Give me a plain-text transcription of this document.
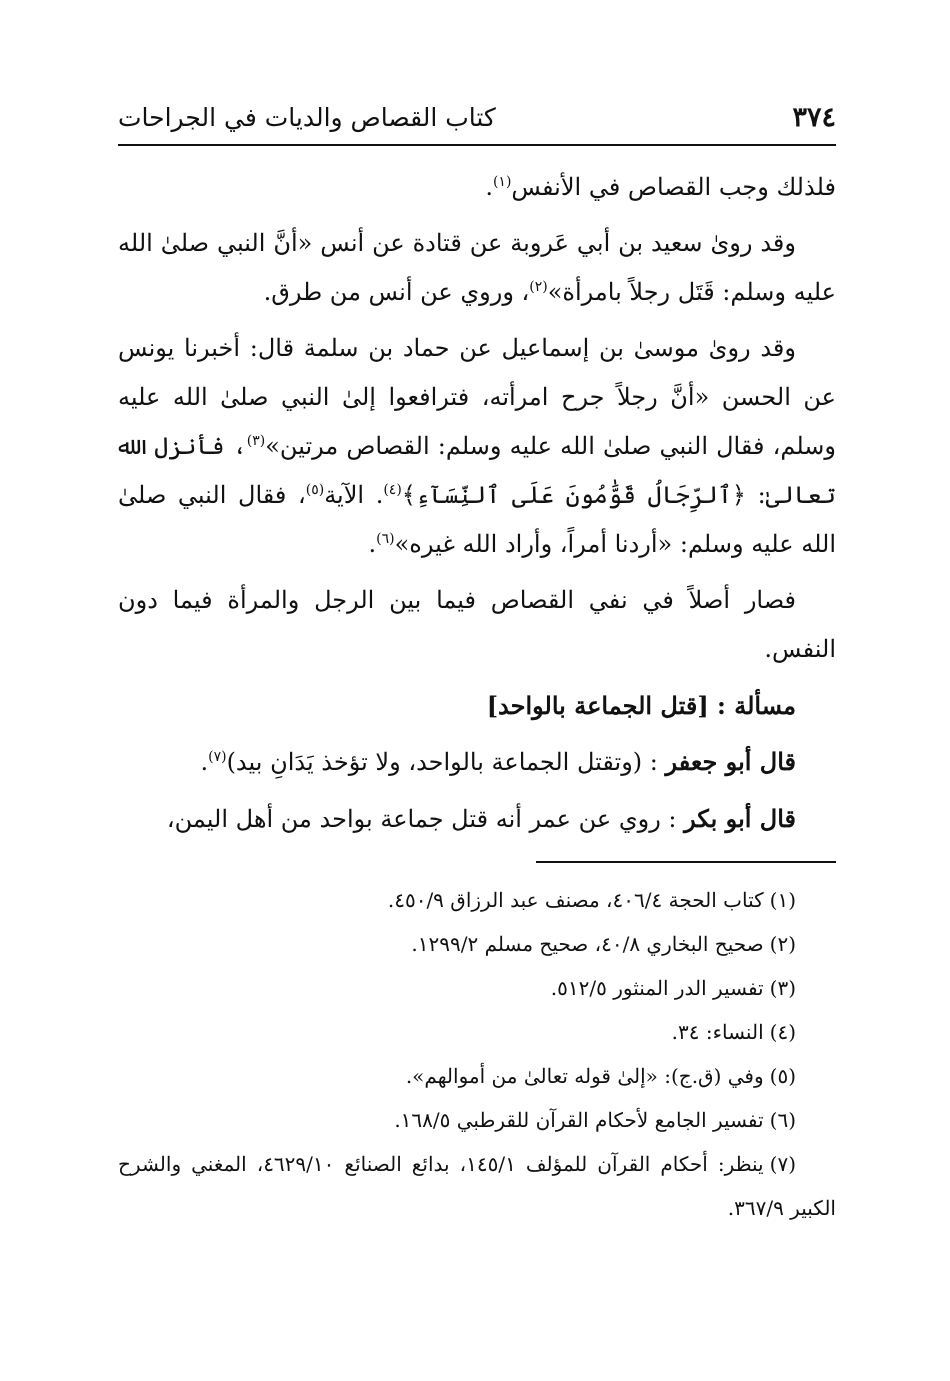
٣٧٤
كتاب القصاص والديات في الجراحات

فلذلك وجب القصاص في الأنفس$^{(١)}$.

وقد رویٰ سعيد بن أبي عَروبة عن قتادة عن أنس «أنَّ النبي صلىٰ الله عليه وسلم: قَتَل رجلاً بامرأة»$^{(٢)}$، وروي عن أنس من طرق.

وقد رویٰ موسىٰ بن إسماعيل عن حماد بن سلمة قال: أخبرنا يونس عن الحسن «أنَّ رجلاً جرح امرأته، فترافعوا إلىٰ النبي صلىٰ الله عليه وسلم، فقال النبي صلىٰ الله عليه وسلم: القصاص مرتين»$^{(٣)}$، فأنزل الله تعالىٰ: ﴿ٱلرِّجَالُ قَوَّٰمُونَ عَلَى ٱلنِّسَآءِ﴾$^{(٤)}$. الآية$^{(٥)}$، فقال النبي صلىٰ الله عليه وسلم: «أردنا أمراً، وأراد الله غيره»$^{(٦)}$.

فصار أصلاً في نفي القصاص فيما بين الرجل والمرأة فيما دون النفس.

مسألة : [قتل الجماعة بالواحد]

قال أبو جعفر : (وتقتل الجماعة بالواحد، ولا تؤخذ يَدَانِ بيد)$^{(٧)}$.

قال أبو بكر : روي عن عمر أنه قتل جماعة بواحد من أهل اليمن،

(١)كتاب الحجة ٤٠٦/٤، مصنف عبد الرزاق ٤٥٠/٩.

(٢)صحيح البخاري ٤٠/٨، صحيح مسلم ١٢٩٩/٢.

(٣)تفسير الدر المنثور ٥١٢/٥.

(٤)النساء: ٣٤.

(٥)وفي (ق.ج): «إلىٰ قوله تعالىٰ من أموالهم».

(٦)تفسير الجامع لأحكام القرآن للقرطبي ١٦٨/٥.

(٧)ينظر: أحكام القرآن للمؤلف ١٤٥/١، بدائع الصنائع ٤٦٢٩/١٠، المغني والشرح الكبير ٣٦٧/٩.
